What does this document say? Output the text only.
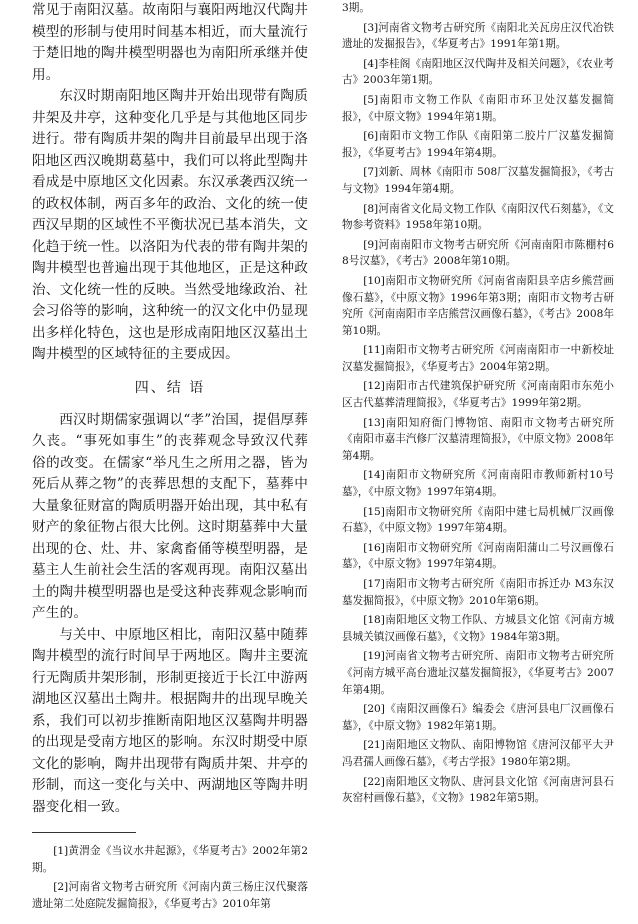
常见于南阳汉墓。故南阳与襄阳两地汉代陶井模型的形制与使用时间基本相近，而大量流行于楚旧地的陶井模型明器也为南阳所承继并使用。

东汉时期南阳地区陶井开始出现带有陶质井架及井亭，这种变化几乎是与其他地区同步进行。带有陶质井架的陶井目前最早出现于洛阳地区西汉晚期葛墓中，我们可以将此型陶井看成是中原地区文化因素。东汉承袭西汉统一的政权体制，两百多年的政治、文化的统一使西汉早期的区域性不平衡状况已基本消失，文化趋于统一性。以洛阳为代表的带有陶井架的陶井模型也普遍出现于其他地区，正是这种政治、文化统一性的反映。当然受地缘政治、社会习俗等的影响，这种统一的汉文化中仍显现出多样化特色，这也是形成南阳地区汉墓出土陶井模型的区域特征的主要成因。

四、结 语

西汉时期儒家强调以“孝”治国，提倡厚葬久丧。“事死如事生”的丧葬观念导致汉代葬俗的改变。在儒家“举凡生之所用之器，皆为死后从葬之物”的丧葬思想的支配下，墓葬中大量象征财富的陶质明器开始出现，其中私有财产的象征物占很大比例。这时期墓葬中大量出现的仓、灶、井、家禽畜俑等模型明器，是墓主人生前社会生活的客观再现。南阳汉墓出土的陶井模型明器也是受这种丧葬观念影响而产生的。

与关中、中原地区相比，南阳汉墓中随葬陶井模型的流行时间早于两地区。陶井主要流行无陶质井架形制，形制更接近于长江中游两湖地区汉墓出土陶井。根据陶井的出现早晚关系，我们可以初步推断南阳地区汉墓陶井明器的出现是受南方地区的影响。东汉时期受中原文化的影响，陶井出现带有陶质井架、井亭的形制，而这一变化与关中、两湖地区等陶井明器变化相一致。

[1]黄渭金《当议水井起源》，《华夏考古》2002年第2期。

[2]河南省文物考古研究所《河南内黄三杨庄汉代聚落遗址第二处庭院发掘简报》，《华夏考古》2010年第

3期。

[3]河南省文物考古研究所《南阳北关瓦房庄汉代冶铁遗址的发掘报告》，《华夏考古》1991年第1期。

[4]李桂阁《南阳地区汉代陶井及相关问题》，《农业考古》2003年第1期。

[5]南阳市文物工作队《南阳市环卫处汉墓发掘简报》，《中原文物》1994年第1期。

[6]南阳市文物工作队《南阳第二胶片厂汉墓发掘简报》，《华夏考古》1994年第4期。

[7]刘新、周林《南阳市 508厂汉墓发掘简报》，《考古与文物》1994年第4期。

[8]河南省文化局文物工作队《南阳汉代石刻墓》，《文物参考资料》1958年第10期。

[9]河南南阳市文物考古研究所《河南南阳市陈棚村68号汉墓》，《考古》2008年第10期。

[10]南阳市文物研究所《河南省南阳县辛店乡熊营画像石墓》，《中原文物》1996年第3期；南阳市文物考古研究所《河南南阳市辛店熊营汉画像石墓》，《考古》2008年第10期。

[11]南阳市文物考古研究所《河南南阳市一中新校址汉墓发掘简报》，《华夏考古》2004年第2期。

[12]南阳市古代建筑保护研究所《河南南阳市东苑小区古代墓葬清理简报》，《华夏考古》1999年第2期。

[13]南阳知府衙门博物馆、南阳市文物考古研究所《南阳市嘉丰汽修厂汉墓清理简报》，《中原文物》2008年第4期。

[14]南阳市文物研究所《河南南阳市教师新村10号墓》，《中原文物》1997年第4期。

[15]南阳市文物研究所《南阳中建七局机械厂汉画像石墓》，《中原文物》1997年第4期。

[16]南阳市文物研究所《河南南阳蒲山二号汉画像石墓》，《中原文物》1997年第4期。

[17]南阳市文物考古研究所《南阳市拆迁办 M3东汉墓发掘简报》，《中原文物》2010年第6期。

[18]南阳地区文物工作队、方城县文化馆《河南方城县城关镇汉画像石墓》，《文物》1984年第3期。

[19]河南省文物考古研究所、南阳市文物考古研究所《河南方城平高台遗址汉墓发掘简报》，《华夏考古》2007年第4期。

[20]《南阳汉画像石》编委会《唐河县电厂汉画像石墓》，《中原文物》1982年第1期。

[21]南阳地区文物队、南阳博物馆《唐河汉郁平大尹冯君孺人画像石墓》，《考古学报》1980年第2期。

[22]南阳地区文物队、唐河县文化馆《河南唐河县石灰窑村画像石墓》，《文物》1982年第5期。
